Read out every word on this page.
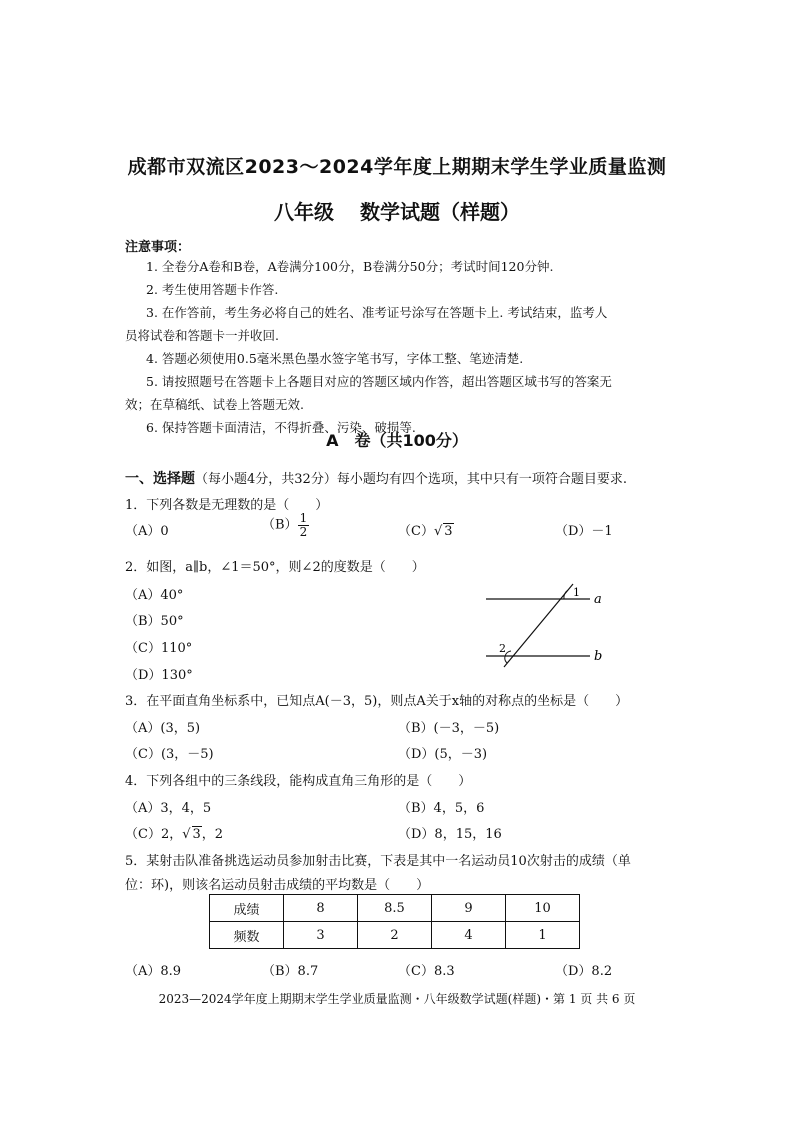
成都市双流区2023～2024学年度上期期末学生学业质量监测
八年级 数学试题（样题）
注意事项：
1. 全卷分A卷和B卷，A卷满分100分，B卷满分50分；考试时间120分钟.
2. 考生使用答题卡作答.
3. 在作答前，考生务必将自己的姓名、准考证号涂写在答题卡上. 考试结束，监考人
员将试卷和答题卡一并收回.
4. 答题必须使用0.5毫米黑色墨水签字笔书写，字体工整、笔迹清楚.
5. 请按照题号在答题卡上各题目对应的答题区域内作答，超出答题区域书写的答案无
效；在草稿纸、试卷上答题无效.
6. 保持答题卡面清洁，不得折叠、污染、破损等.
A　卷（共100分）
一、选择题（每小题4分，共32分）每小题均有四个选项，其中只有一项符合题目要求.
1．下列各数是无理数的是（　　）
（A）0	$(B) \frac{1}{2}$	（C）√ 3	（D）－1
2．如图，a∥b，∠1＝50°，则∠2的度数是（　　）
（A）40°
（B）50°
（C）110°
（D）130°
1
2
a
b
3．在平面直角坐标系中，已知点A(－3，5)，则点A关于x轴的对称点的坐标是（　　）
（A）(3，5)	（B）(－3，－5)
（C）(3，－5)	（D）(5，－3)
4．下列各组中的三条线段，能构成直角三角形的是（　　）
（A）3，4，5	（B）4，5，6
（C）2，√ 3，2	（D）8，15，16
5．某射击队准备挑选运动员参加射击比赛，下表是其中一名运动员10次射击的成绩（单
位：环)，则该名运动员射击成绩的平均数是（　　）
成绩	8	8.5	9	10
频数	3	2	4	1
（A）8.9	（B）8.7	（C）8.3	（D）8.2
2023—2024学年度上期期末学生学业质量监测・八年级数学试题(样题)・第 1 页 共 6 页
